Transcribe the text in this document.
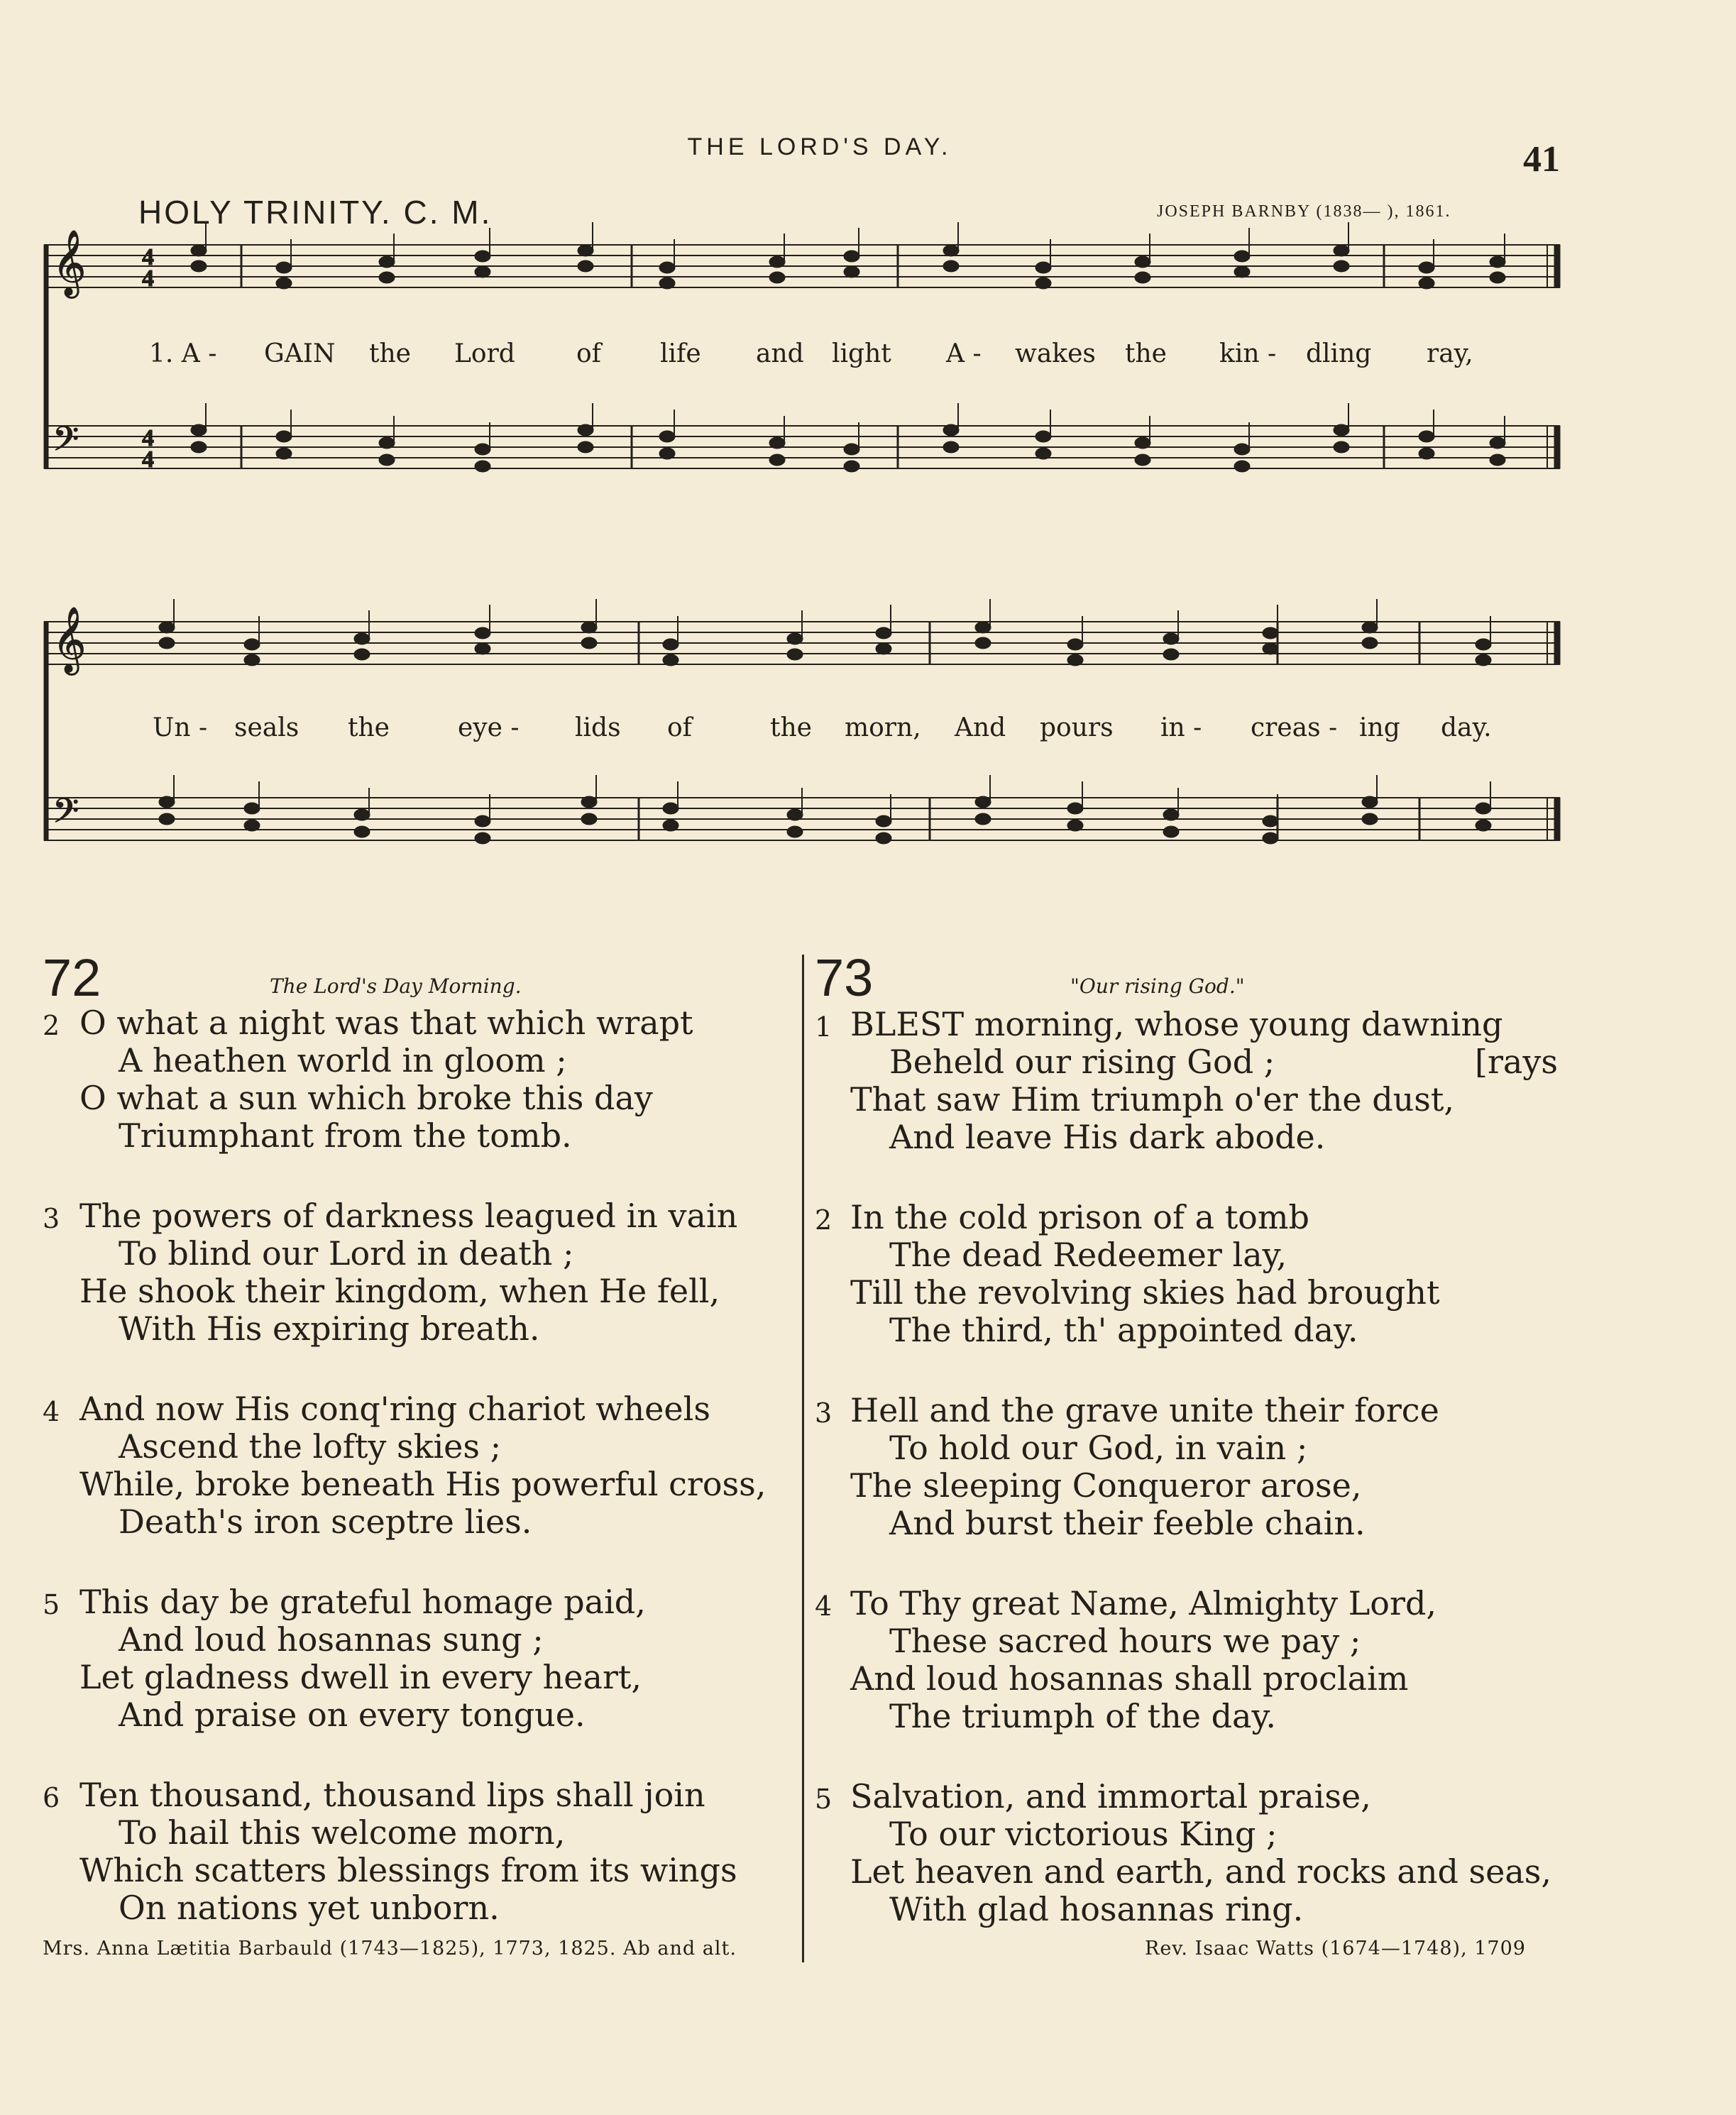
THE LORD'S DAY.	41
HOLY TRINITY. C. M.	JOSEPH BARNBY (1838— ), 1861.
𝄞
𝄢
4
4
4
4
𝄞
𝄢
1. A - GAIN the Lord of life and light A - wakes the kin - dling ray,
Un - seals the	eye - lids of	the morn, And pours in - creas - ing day.
72	The Lord's Day Morning.
2 O what a night was that which wrapt
A heathen world in gloom ;
O what a sun which broke this day
Triumphant from the tomb.
3 The powers of darkness leagued in vain
To blind our Lord in death ;
He shook their kingdom, when He fell,
With His expiring breath.
4 And now His conq'ring chariot wheels
Ascend the lofty skies ;
While, broke beneath His powerful cross,
Death's iron sceptre lies.
5 This day be grateful homage paid,
And loud hosannas sung ;
Let gladness dwell in every heart,
And praise on every tongue.
6 Ten thousand, thousand lips shall join
To hail this welcome morn,
Which scatters blessings from its wings
On nations yet unborn.
Mrs. Anna Lætitia Barbauld (1743—1825), 1773, 1825. Ab and alt.
73	"Our rising God."
1 BLEST morning, whose young dawning
Beheld our rising God ;
That saw Him triumph o'er the dust,
And leave His dark abode.
[rays
2 In the cold prison of a tomb
The dead Redeemer lay,
Till the revolving skies had brought
The third, th' appointed day.
3 Hell and the grave unite their force
To hold our God, in vain ;
The sleeping Conqueror arose,
And burst their feeble chain.
4 To Thy great Name, Almighty Lord,
These sacred hours we pay ;
And loud hosannas shall proclaim
The triumph of the day.
5 Salvation, and immortal praise,
To our victorious King ;
Let heaven and earth, and rocks and seas,
With glad hosannas ring.
Rev. Isaac Watts (1674—1748), 1709
